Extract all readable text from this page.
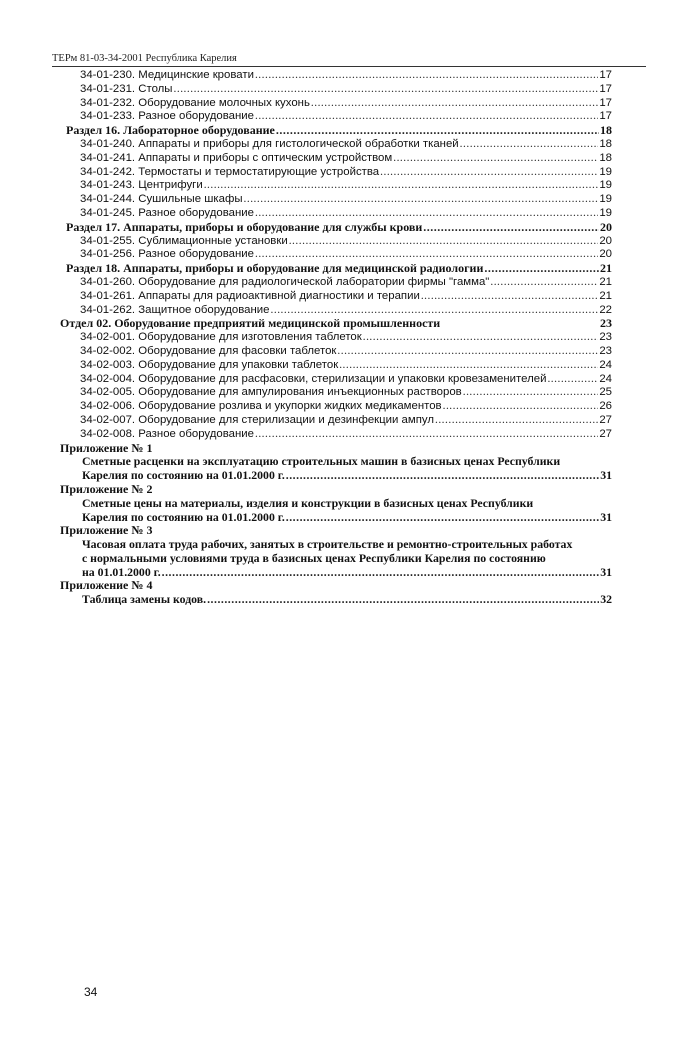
ТЕРм 81-03-34-2001 Республика Карелия
34-01-230. Медицинские кровати .....	17
34-01-231. Столы .....	17
34-01-232. Оборудование молочных кухонь .....	17
34-01-233. Разное оборудование .....	17
Раздел 16. Лабораторное оборудование .....	18
34-01-240. Аппараты и приборы для гистологической обработки тканей .....	18
34-01-241. Аппараты и приборы с оптическим устройством .....	18
34-01-242. Термостаты и термостатирующие устройства .....	19
34-01-243. Центрифуги .....	19
34-01-244. Сушильные шкафы .....	19
34-01-245. Разное оборудование .....	19
Раздел 17. Аппараты, приборы и оборудование для службы крови .....	20
34-01-255. Сублимационные установки .....	20
34-01-256. Разное оборудование .....	20
Раздел 18. Аппараты, приборы и оборудование для медицинской радиологии .....	21
34-01-260. Оборудование для радиологической лаборатории фирмы "гамма" .....	21
34-01-261. Аппараты для радиоактивной диагностики и терапии .....	21
34-01-262. Защитное оборудование .....	22
Отдел 02. Оборудование предприятий медицинской промышленности	23
34-02-001. Оборудование для изготовления таблеток .....	23
34-02-002. Оборудование для фасовки таблеток .....	23
34-02-003. Оборудование для упаковки таблеток .....	24
34-02-004. Оборудование для расфасовки, стерилизации и упаковки кровезаменителей .....	24
34-02-005. Оборудование для ампулирования инъекционных растворов .....	25
34-02-006. Оборудование розлива и укупорки жидких медикаментов .....	26
34-02-007. Оборудование для стерилизации и дезинфекции ампул .....	27
34-02-008. Разное оборудование .....	27
Приложение № 1
Сметные расценки на эксплуатацию строительных машин в базисных ценах Республики
Карелия по состоянию на 01.01.2000 г. .....	31
Приложение № 2
Сметные цены на материалы, изделия и конструкции в базисных ценах Республики
Карелия по состоянию на 01.01.2000 г. .....	31
Приложение № 3
Часовая оплата труда рабочих, занятых в строительстве и ремонтно-строительных работах
с нормальными условиями труда в базисных ценах Республики Карелия по состоянию
на 01.01.2000 г. .....	31
Приложение № 4
Таблица замены кодов. .....	32
34
